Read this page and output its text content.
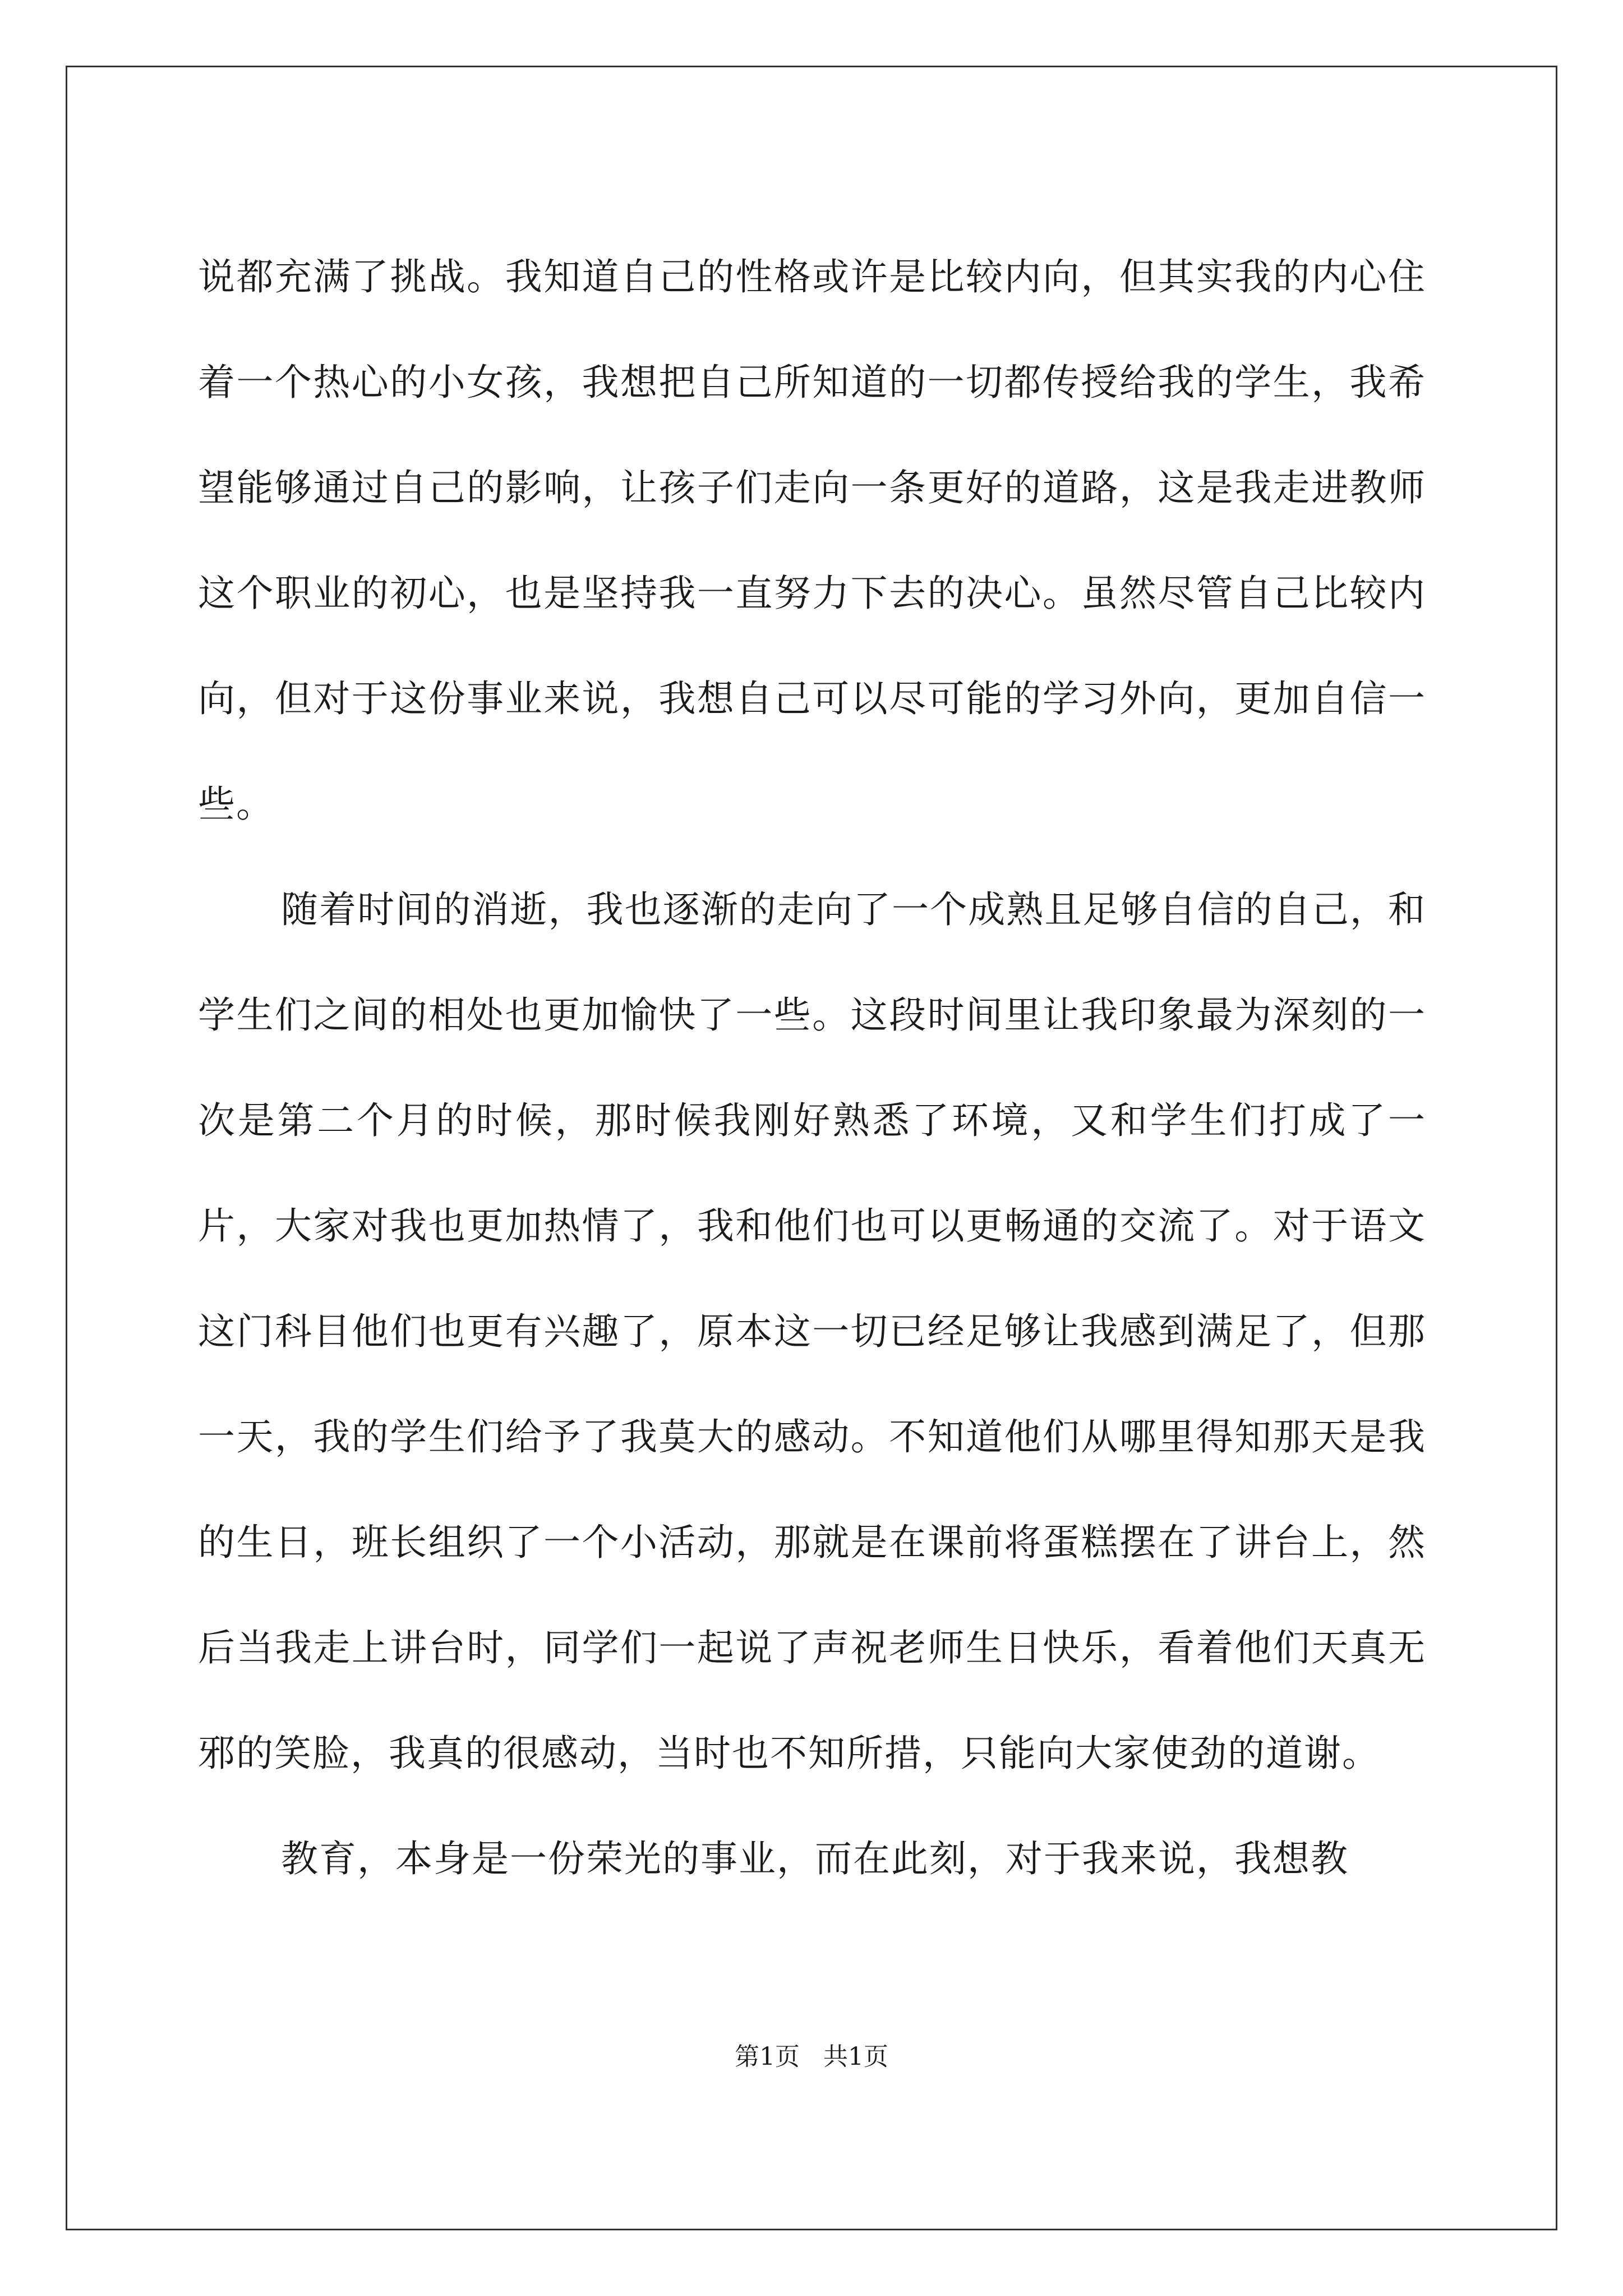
说都充满了挑战。我知道自己的性格或许是比较内向，但其实我的内心住着一个热心的小女孩，我想把自己所知道的一切都传授给我的学生，我希望能够通过自己的影响，让孩子们走向一条更好的道路，这是我走进教师这个职业的初心，也是坚持我一直努力下去的决心。虽然尽管自己比较内向，但对于这份事业来说，我想自己可以尽可能的学习外向，更加自信一些。

随着时间的消逝，我也逐渐的走向了一个成熟且足够自信的自己，和学生们之间的相处也更加愉快了一些。这段时间里让我印象最为深刻的一次是第二个月的时候，那时候我刚好熟悉了环境，又和学生们打成了一片，大家对我也更加热情了，我和他们也可以更畅通的交流了。对于语文这门科目他们也更有兴趣了，原本这一切已经足够让我感到满足了，但那一天，我的学生们给予了我莫大的感动。不知道他们从哪里得知那天是我的生日，班长组织了一个小活动，那就是在课前将蛋糕摆在了讲台上，然后当我走上讲台时，同学们一起说了声祝老师生日快乐，看着他们天真无邪的笑脸，我真的很感动，当时也不知所措，只能向大家使劲的道谢。

教育，本身是一份荣光的事业，而在此刻，对于我来说，我想教

第1页   共1页
